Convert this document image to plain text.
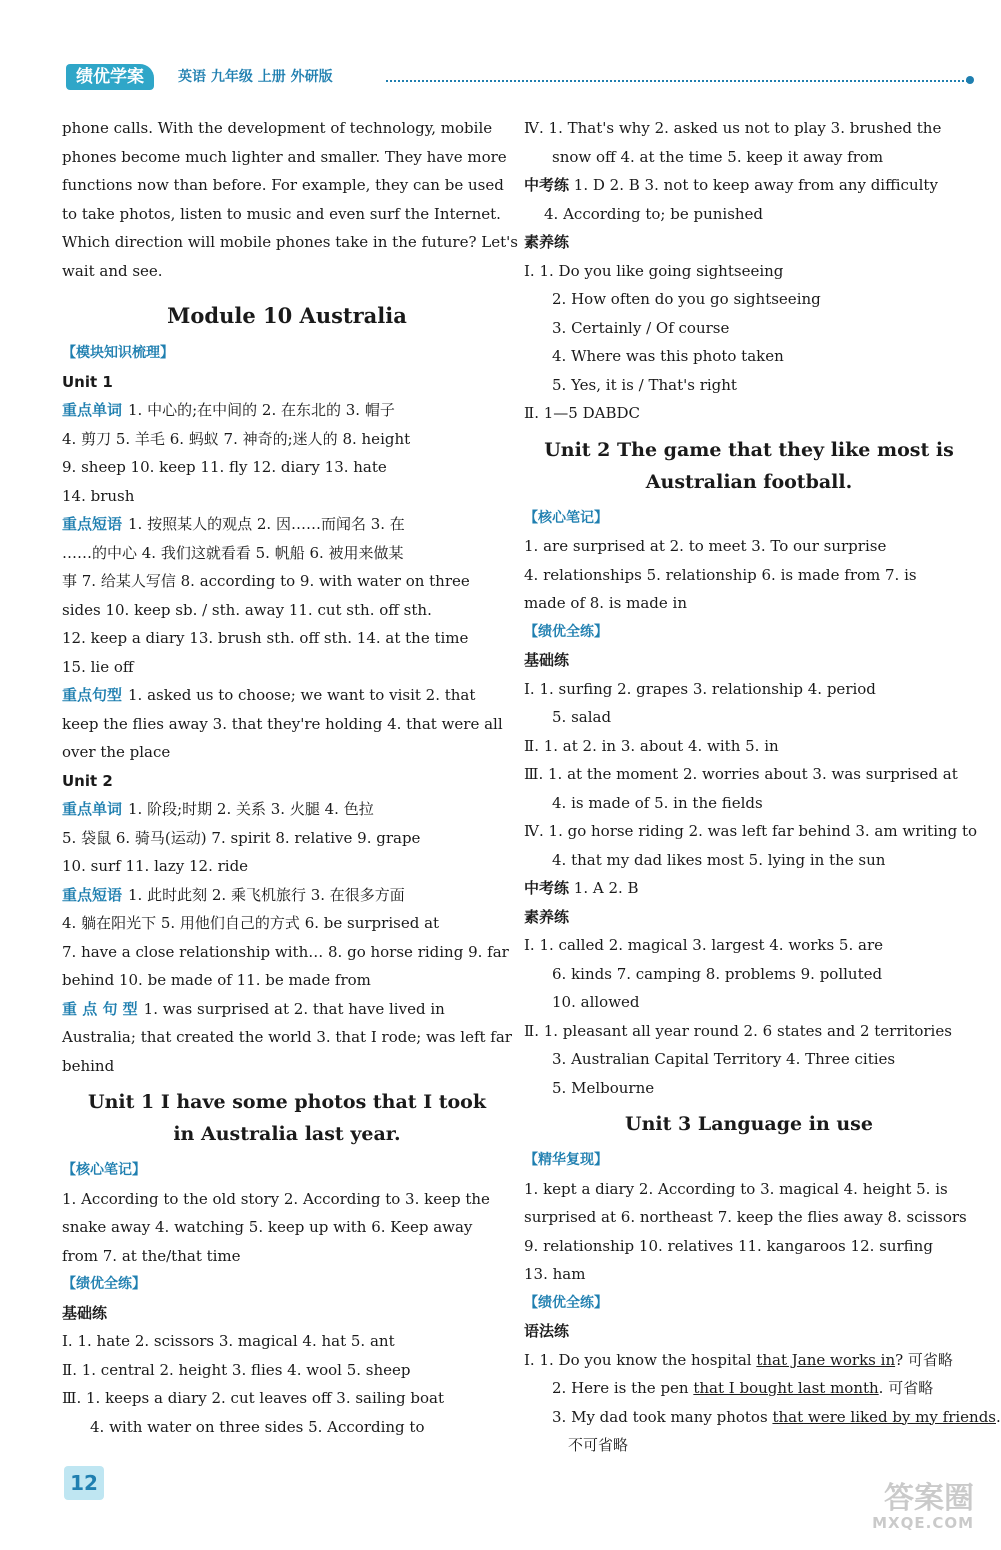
绩优学案	英语 九年级 上册 外研版

phone calls. With the development of technology, mobile

phones become much lighter and smaller. They have more

functions now than before. For example, they can be used

to take photos, listen to music and even surf the Internet.

Which direction will mobile phones take in the future? Let's

wait and see.

Module 10 Australia
【模块知识梳理】
Unit 1

重点单词 1. 中心的;在中间的 2. 在东北的 3. 帽子

4. 剪刀 5. 羊毛 6. 蚂蚁 7. 神奇的;迷人的 8. height

9. sheep 10. keep 11. fly 12. diary 13. hate

14. brush

重点短语 1. 按照某人的观点 2. 因……而闻名 3. 在

……的中心 4. 我们这就看看 5. 帆船 6. 被用来做某

事 7. 给某人写信 8. according to 9. with water on three

sides 10. keep sb. / sth. away 11. cut sth. off sth.

12. keep a diary 13. brush sth. off sth. 14. at the time

15. lie off

重点句型 1. asked us to choose; we want to visit 2. that

keep the flies away 3. that they're holding 4. that were all

over the place

Unit 2

重点单词 1. 阶段;时期 2. 关系 3. 火腿 4. 色拉

5. 袋鼠 6. 骑马(运动) 7. spirit 8. relative 9. grape

10. surf 11. lazy 12. ride

重点短语 1. 此时此刻 2. 乘飞机旅行 3. 在很多方面

4. 躺在阳光下 5. 用他们自己的方式 6. be surprised at

7. have a close relationship with… 8. go horse riding 9. far

behind 10. be made of 11. be made from

重 点 句 型 1. was surprised at 2. that have lived in

Australia; that created the world 3. that I rode; was left far

behind

Unit 1 I have some photos that I took
in Australia last year.
【核心笔记】

1. According to the old story 2. According to 3. keep the

snake away 4. watching 5. keep up with 6. Keep away

from 7. at the/that time

【绩优全练】
基础练

Ⅰ. 1. hate 2. scissors 3. magical 4. hat 5. ant

Ⅱ. 1. central 2. height 3. flies 4. wool 5. sheep

Ⅲ. 1. keeps a diary 2. cut leaves off 3. sailing boat

4. with water on three sides 5. According to

Ⅳ. 1. That's why 2. asked us not to play 3. brushed the

snow off 4. at the time 5. keep it away from

中考练 1. D 2. B 3. not to keep away from any difficulty

4. According to; be punished

素养练

Ⅰ. 1. Do you like going sightseeing

2. How often do you go sightseeing

3. Certainly / Of course

4. Where was this photo taken

5. Yes, it is / That's right

Ⅱ. 1—5 DABDC

Unit 2 The game that they like most is
Australian football.
【核心笔记】

1. are surprised at 2. to meet 3. To our surprise

4. relationships 5. relationship 6. is made from 7. is

made of 8. is made in

【绩优全练】
基础练

Ⅰ. 1. surfing 2. grapes 3. relationship 4. period

5. salad

Ⅱ. 1. at 2. in 3. about 4. with 5. in

Ⅲ. 1. at the moment 2. worries about 3. was surprised at

4. is made of 5. in the fields

Ⅳ. 1. go horse riding 2. was left far behind 3. am writing to

4. that my dad likes most 5. lying in the sun

中考练 1. A 2. B

素养练

Ⅰ. 1. called 2. magical 3. largest 4. works 5. are

6. kinds 7. camping 8. problems 9. polluted

10. allowed

Ⅱ. 1. pleasant all year round 2. 6 states and 2 territories

3. Australian Capital Territory 4. Three cities

5. Melbourne

Unit 3 Language in use
【精华复现】

1. kept a diary 2. According to 3. magical 4. height 5. is

surprised at 6. northeast 7. keep the flies away 8. scissors

9. relationship 10. relatives 11. kangaroos 12. surfing

13. ham

【绩优全练】
语法练

Ⅰ. 1. Do you know the hospital that Jane works in? 可省略

2. Here is the pen that I bought last month. 可省略

3. My dad took many photos that were liked by my friends.

不可省略

12	答案圈
MXQE.COM
